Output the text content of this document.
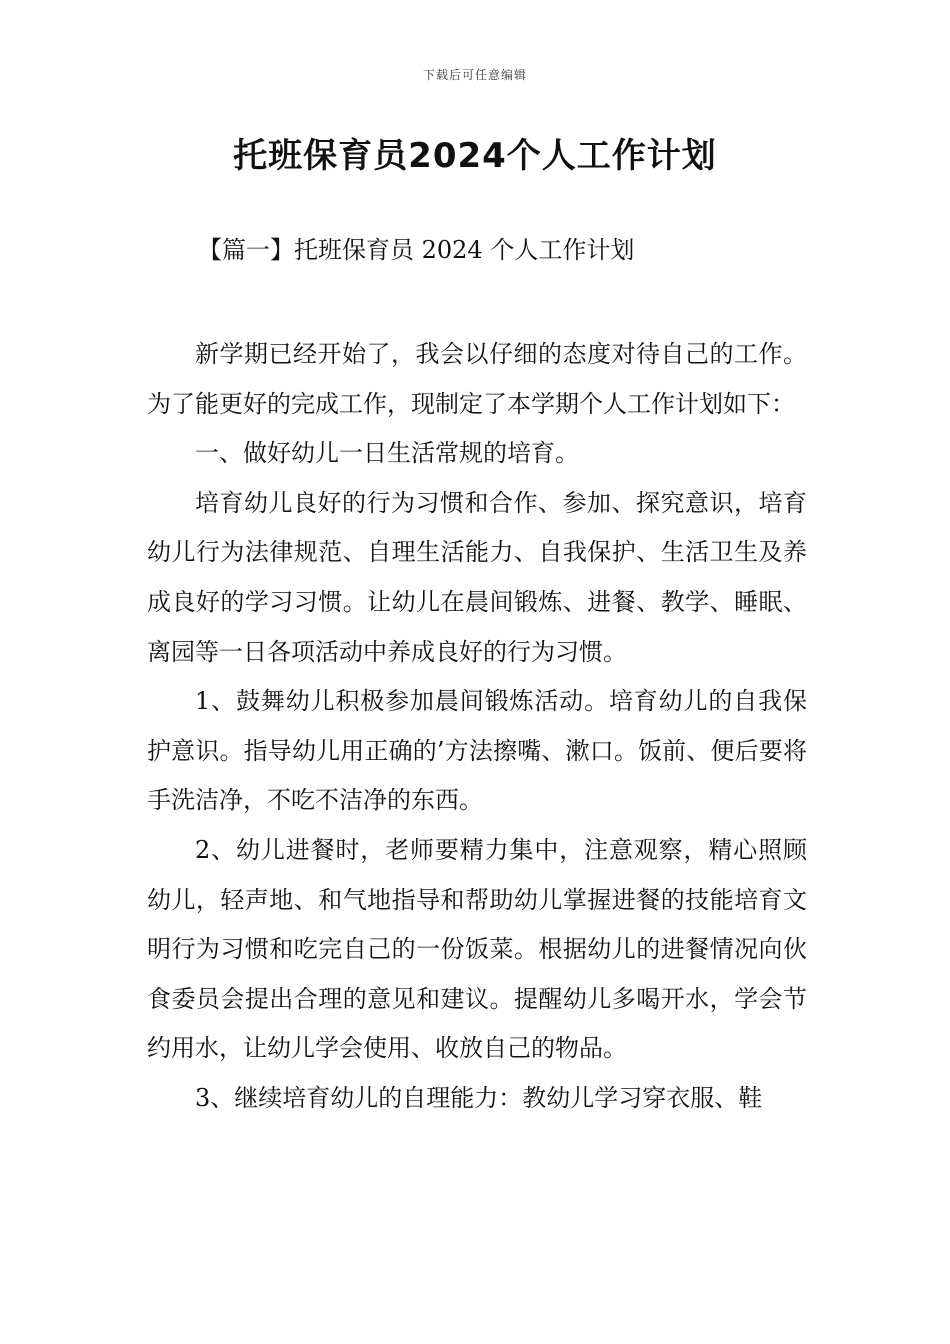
下载后可任意编辑
托班保育员2024个人工作计划
【篇一】托班保育员 2024 个人工作计划

新学期已经开始了，我会以仔细的态度对待自己的工作。为了能更好的完成工作，现制定了本学期个人工作计划如下：

一、做好幼儿一日生活常规的培育。

培育幼儿良好的行为习惯和合作、参加、探究意识，培育幼儿行为法律规范、自理生活能力、自我保护、生活卫生及养成良好的学习习惯。让幼儿在晨间锻炼、进餐、教学、睡眠、离园等一日各项活动中养成良好的行为习惯。

1、鼓舞幼儿积极参加晨间锻炼活动。培育幼儿的自我保护意识。指导幼儿用正确的’方法擦嘴、漱口。饭前、便后要将手洗洁净，不吃不洁净的东西。

2、幼儿进餐时，老师要精力集中，注意观察，精心照顾幼儿，轻声地、和气地指导和帮助幼儿掌握进餐的技能培育文明行为习惯和吃完自己的一份饭菜。根据幼儿的进餐情况向伙食委员会提出合理的意见和建议。提醒幼儿多喝开水，学会节约用水，让幼儿学会使用、收放自己的物品。

3、继续培育幼儿的自理能力：教幼儿学习穿衣服、鞋
